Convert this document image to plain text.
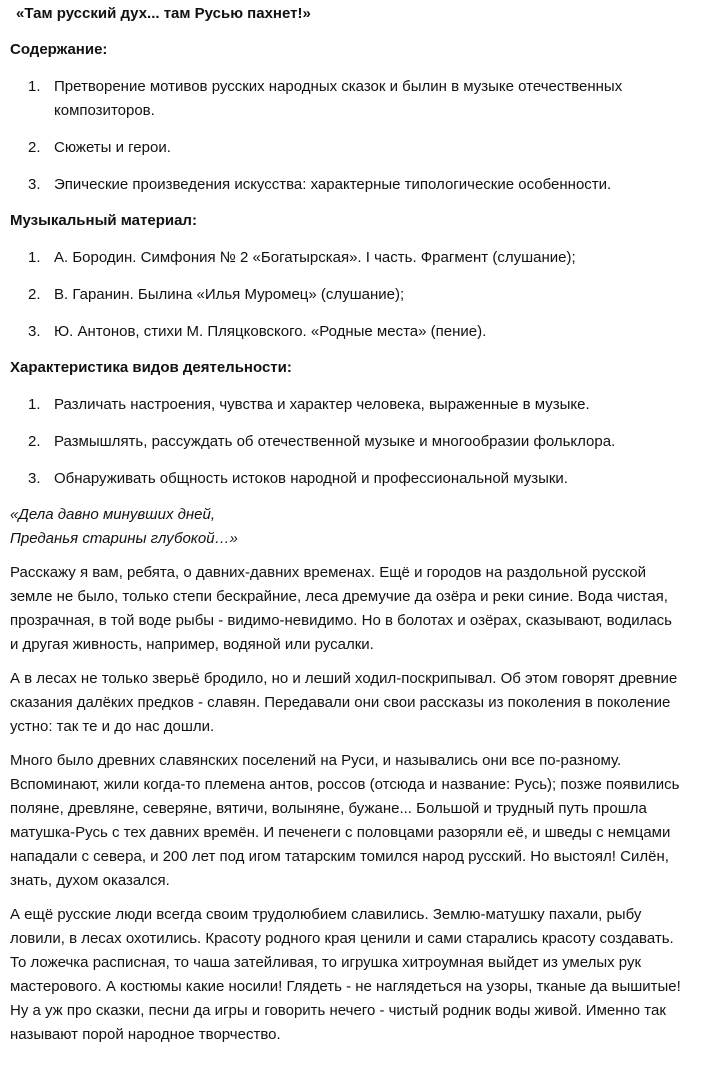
«Там русский дух... там Русью пахнет!»
Содержание:
1. Претворение мотивов русских народных сказок и былин в музыке отечественных композиторов.
2. Сюжеты и герои.
3. Эпические произведения искусства: характерные типологические особенности.
Музыкальный материал:
1. А. Бородин. Симфония № 2 «Богатырская». I часть. Фрагмент (слушание);
2. В. Гаранин. Былина «Илья Муромец» (слушание);
3. Ю. Антонов, стихи М. Пляцковского. «Родные места» (пение).
Характеристика видов деятельности:
1. Различать настроения, чувства и характер человека, выраженные в музыке.
2. Размышлять, рассуждать об отечественной музыке и многообразии фольклора.
3. Обнаруживать общность истоков народной и профессиональной музыки.
«Дела давно минувших дней,
Преданья старины глубокой…»

Расскажу я вам, ребята, о давних-давних временах. Ещё и городов на раздольной русской земле не было, только степи бескрайние, леса дремучие да озёра и реки синие. Вода чистая, прозрачная, в той воде рыбы - видимо-невидимо. Но в болотах и озёрах, сказывают, водилась и другая живность, например, водяной или русалки.

А в лесах не только зверьё бродило, но и леший ходил-поскрипывал. Об этом говорят древние сказания далёких предков - славян. Передавали они свои рассказы из поколения в поколение устно: так те и до нас дошли.

Много было древних славянских поселений на Руси, и назывались они все по-разному. Вспоминают, жили когда-то племена антов, россов (отсюда и название: Русь); позже появились поляне, древляне, северяне, вятичи, волыняне, бужане... Большой и трудный путь прошла матушка-Русь с тех давних времён. И печенеги с половцами разоряли её, и шведы с немцами нападали с севера, и 200 лет под игом татарским томился народ русский. Но выстоял! Силён, знать, духом оказался.

А ещё русские люди всегда своим трудолюбием славились. Землю-матушку пахали, рыбу ловили, в лесах охотились. Красоту родного края ценили и сами старались красоту создавать. То ложечка расписная, то чаша затейливая, то игрушка хитроумная выйдет из умелых рук мастерового. А костюмы какие носили! Глядеть - не наглядеться на узоры, тканые да вышитые! Ну а уж про сказки, песни да игры и говорить нечего - чистый родник воды живой. Именно так называют порой народное творчество.
